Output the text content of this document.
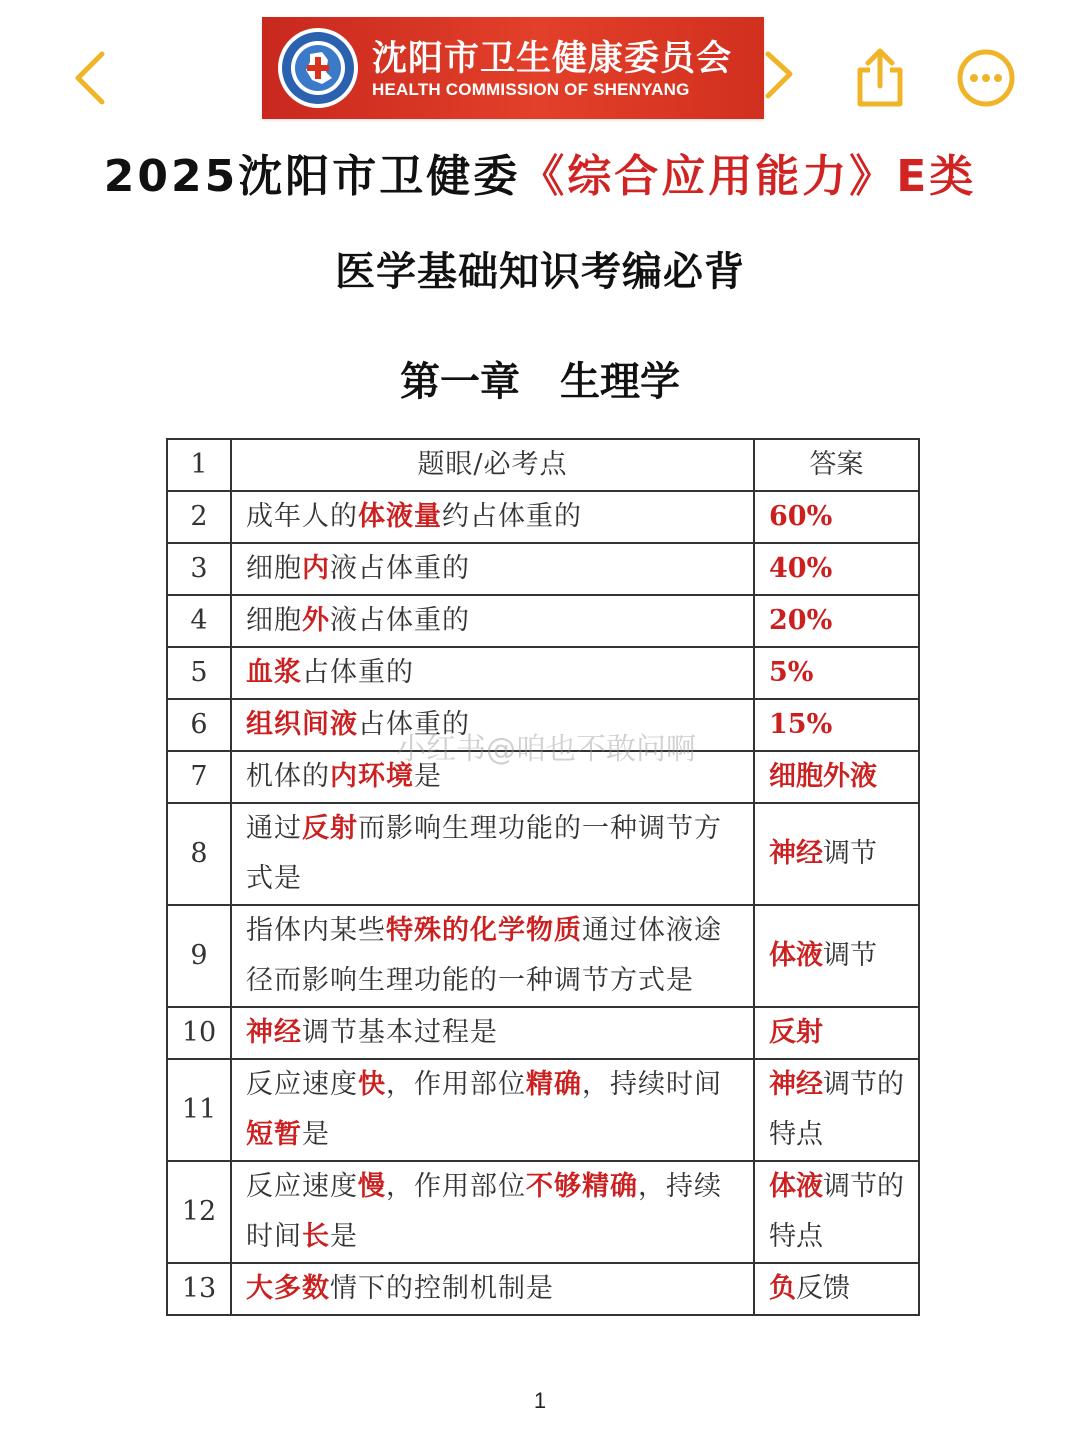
沈阳市卫生健康委员会
HEALTH COMMISSION OF SHENYANG
2025沈阳市卫健委《综合应用能力》E类
医学基础知识考编必背
第一章　生理学
1	题眼/必考点	答案
2	成年人的体液量约占体重的	60%
3	细胞内液占体重的	40%
4	细胞外液占体重的	20%
5	血浆占体重的	5%
6	组织间液占体重的	15%
7	机体的内环境是	细胞外液
8	通过反射而影响生理功能的一种调节方式是	神经调节
9	指体内某些特殊的化学物质通过体液途径而影响生理功能的一种调节方式是	体液调节
10	神经调节基本过程是	反射
11	反应速度快，作用部位精确，持续时间短暂是	神经调节的特点
12	反应速度慢，作用部位不够精确，持续时间长是	体液调节的特点
13	大多数情下的控制机制是	负反馈
小红书@咱也不敢问啊
1
